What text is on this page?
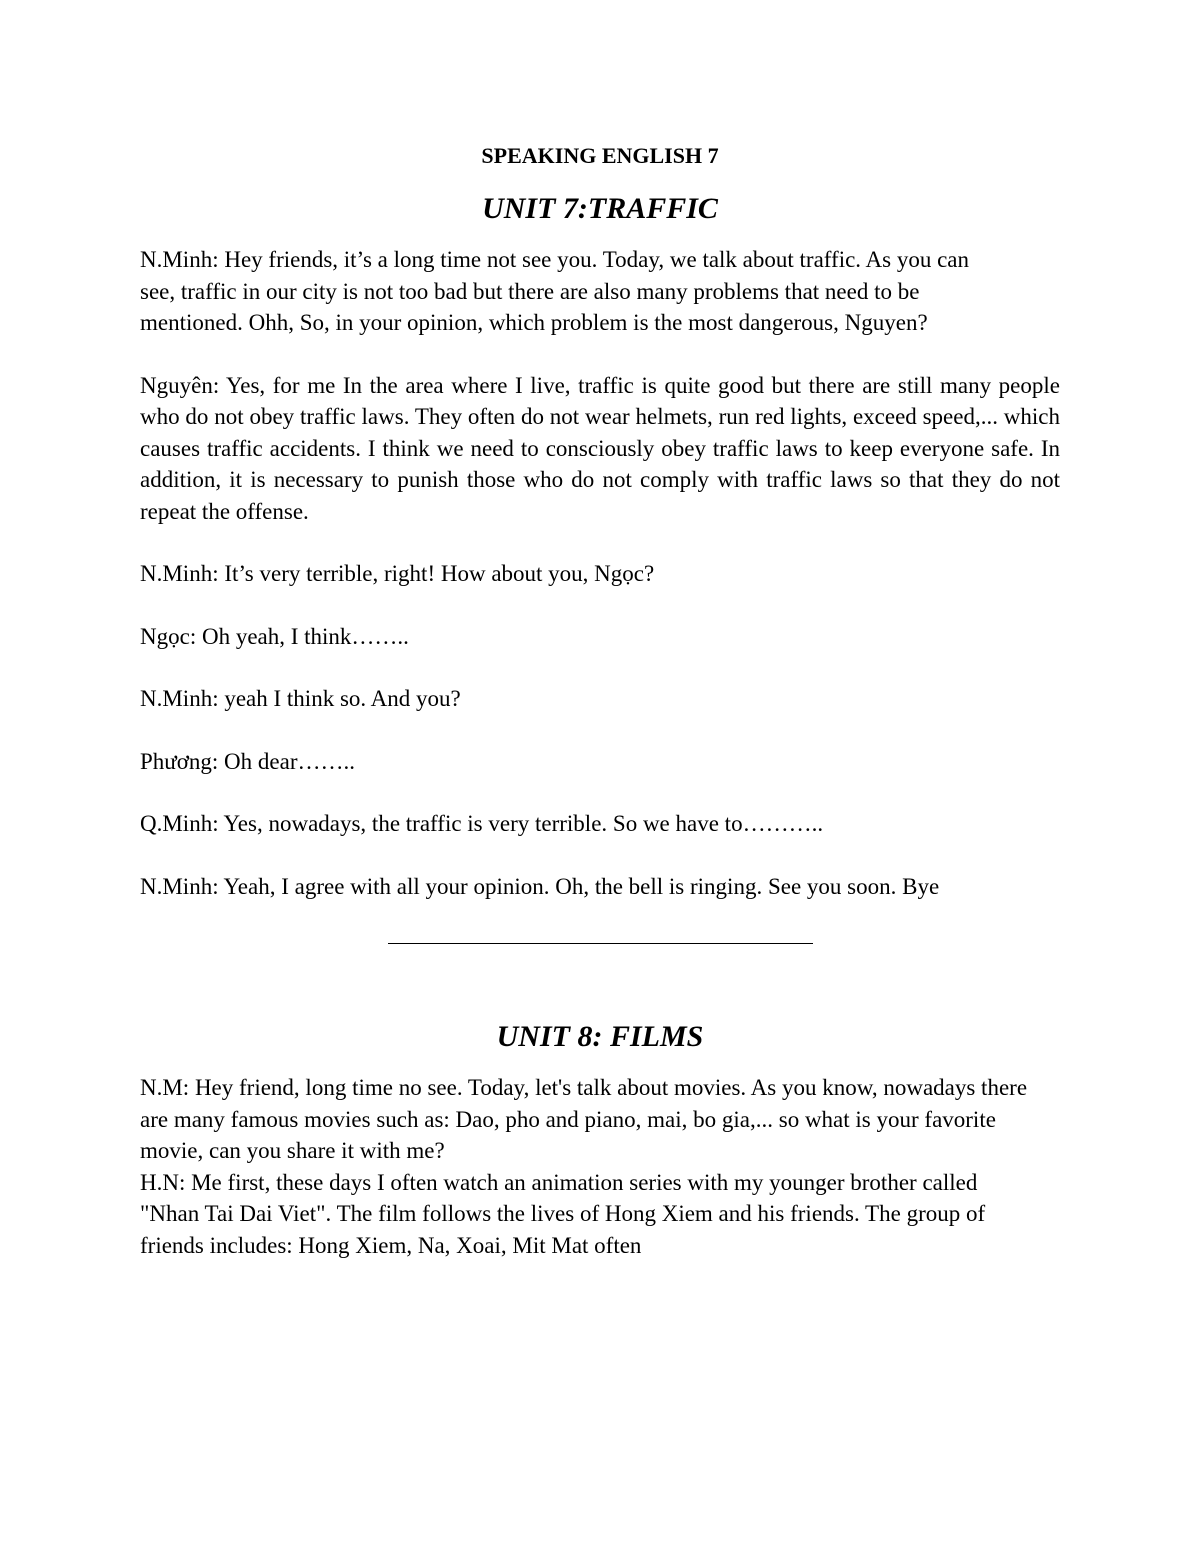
SPEAKING ENGLISH 7
UNIT 7:TRAFFIC

N.Minh: Hey friends, it’s a long time not see you. Today, we talk about traffic. As you can see, traffic in our city is not too bad but there are also many problems that need to be mentioned. Ohh, So, in your opinion, which problem is the most dangerous, Nguyen?

Nguyên: Yes, for me In the area where I live, traffic is quite good but there are still many people who do not obey traffic laws. They often do not wear helmets, run red lights, exceed speed,... which causes traffic accidents. I think we need to consciously obey traffic laws to keep everyone safe. In addition, it is necessary to punish those who do not comply with traffic laws so that they do not repeat the offense.

N.Minh: It’s very terrible, right! How about you, Ngọc?

Ngọc: Oh yeah, I think……..

N.Minh: yeah I think so. And you?

Phương: Oh dear……..

Q.Minh: Yes, nowadays, the traffic is very terrible. So we have to………..

N.Minh: Yeah, I agree with all your opinion. Oh, the bell is ringing. See you soon. Bye

UNIT 8: FILMS

N.M: Hey friend, long time no see. Today, let's talk about movies. As you know, nowadays there are many famous movies such as: Dao, pho and piano, mai, bo gia,... so what is your favorite movie, can you share it with me?

H.N: Me first, these days I often watch an animation series with my younger brother called "Nhan Tai Dai Viet". The film follows the lives of Hong Xiem and his friends. The group of friends includes: Hong Xiem, Na, Xoai, Mit Mat often
